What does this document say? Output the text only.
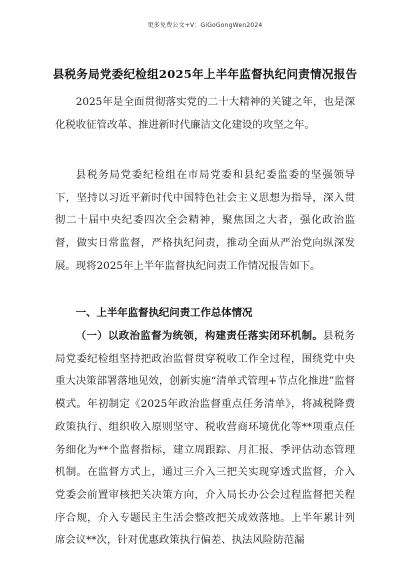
更多免费公文+V：GiGoGongWen2024
县税务局党委纪检组2025年上半年监督执纪问责情况报告

2025年是全面贯彻落实党的二十大精神的关键之年，也是深化税收征管改革、推进新时代廉洁文化建设的攻坚之年。

县税务局党委纪检组在市局党委和县纪委监委的坚强领导下，坚持以习近平新时代中国特色社会主义思想为指导，深入贯彻二十届中央纪委四次全会精神，聚焦国之大者，强化政治监督，做实日常监督，严格执纪问责，推动全面从严治党向纵深发展。现将2025年上半年监督执纪问责工作情况报告如下。

一、上半年监督执纪问责工作总体情况

（一）以政治监督为统领，构建责任落实闭环机制。县税务局党委纪检组坚持把政治监督贯穿税收工作全过程，围绕党中央重大决策部署落地见效，创新实施“清单式管理+节点化推进”监督模式。年初制定《2025年政治监督重点任务清单》，将减税降费政策执行、组织收入原则坚守、税收营商环境优化等**项重点任务细化为**个监督指标，建立周跟踪、月汇报、季评估动态管理机制。在监督方式上，通过三介入三把关实现穿透式监督，介入党委会前置审核把关决策方向，介入局长办公会过程监督把关程序合规，介入专题民主生活会整改把关成效落地。上半年累计列席会议**次，针对优惠政策执行偏差、执法风险防范漏
